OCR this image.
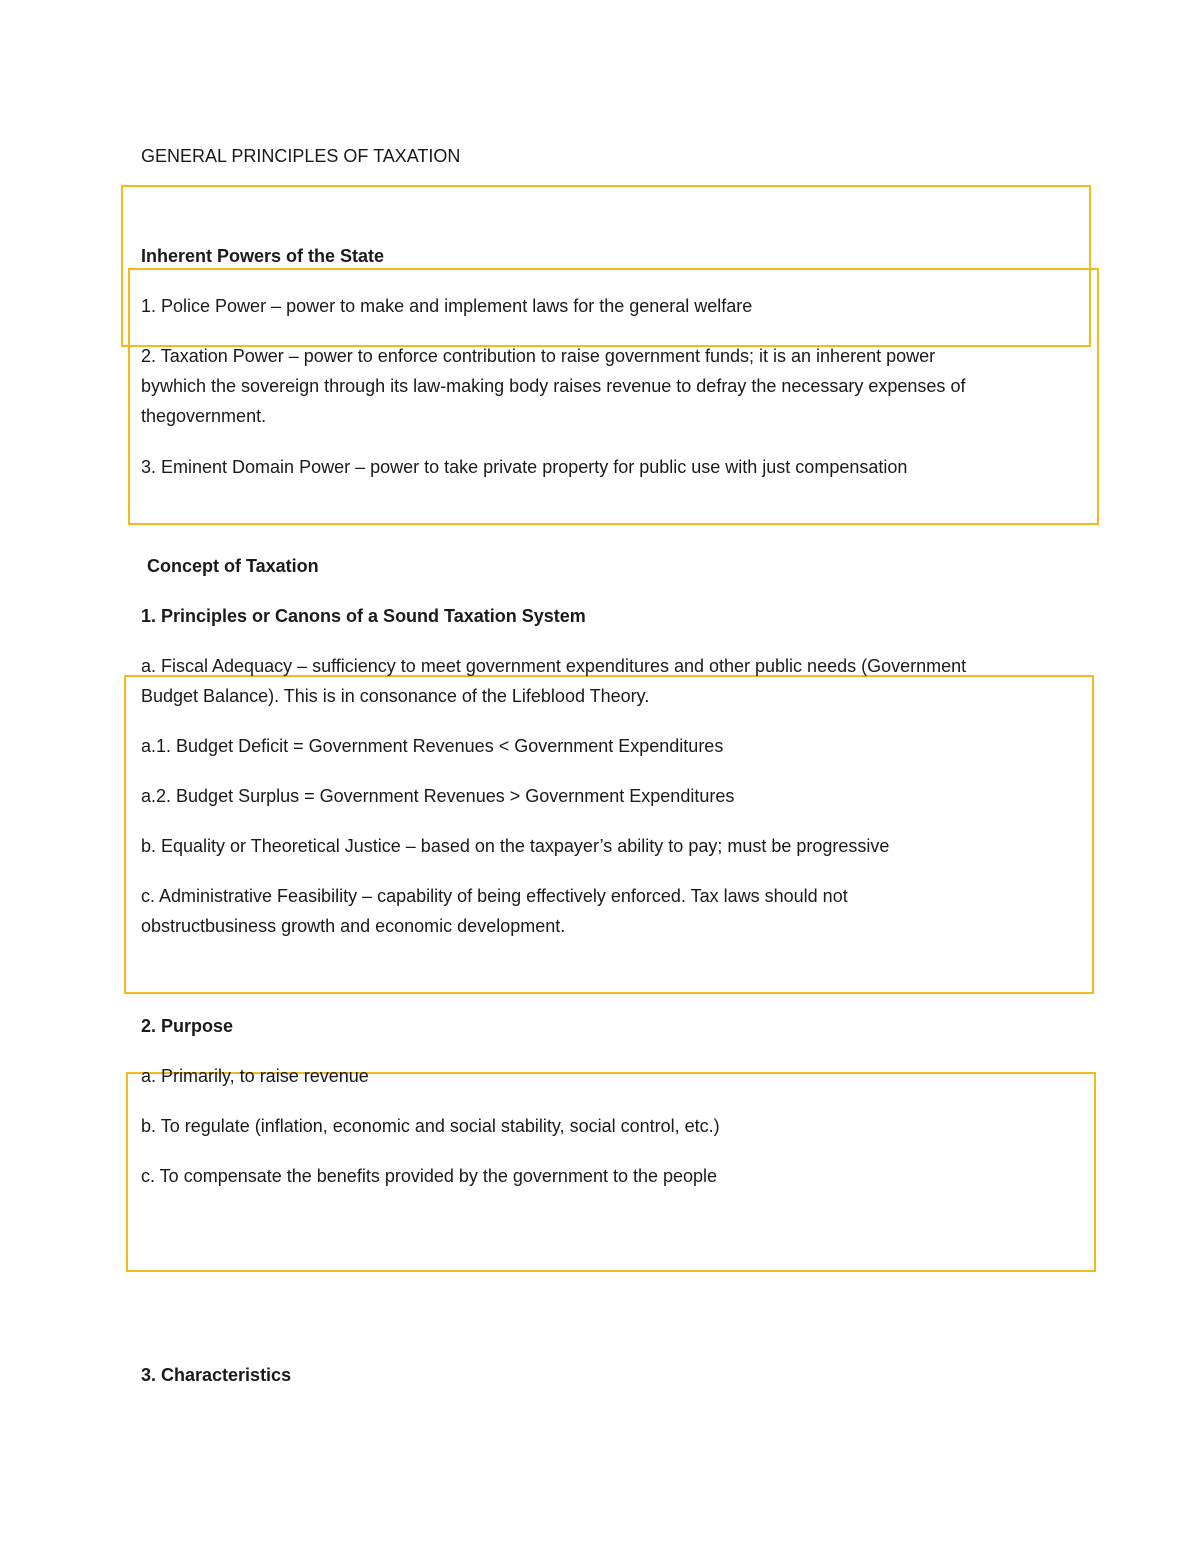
GENERAL PRINCIPLES OF TAXATION
Inherent Powers of the State
1. Police Power – power to make and implement laws for the general welfare
2. Taxation Power – power to enforce contribution to raise government funds; it is an inherent power
bywhich the sovereign through its law-making body raises revenue to defray the necessary expenses of
thegovernment.
3. Eminent Domain Power – power to take private property for public use with just compensation
Concept of Taxation
1. Principles or Canons of a Sound Taxation System
a. Fiscal Adequacy – sufficiency to meet government expenditures and other public needs (Government
Budget Balance). This is in consonance of the Lifeblood Theory.
a.1. Budget Deficit = Government Revenues < Government Expenditures
a.2. Budget Surplus = Government Revenues > Government Expenditures
b. Equality or Theoretical Justice – based on the taxpayer’s ability to pay; must be progressive
c. Administrative Feasibility – capability of being effectively enforced. Tax laws should not
obstructbusiness growth and economic development.
2. Purpose
a. Primarily, to raise revenue
b. To regulate (inflation, economic and social stability, social control, etc.)
c. To compensate the benefits provided by the government to the people
3. Characteristics
